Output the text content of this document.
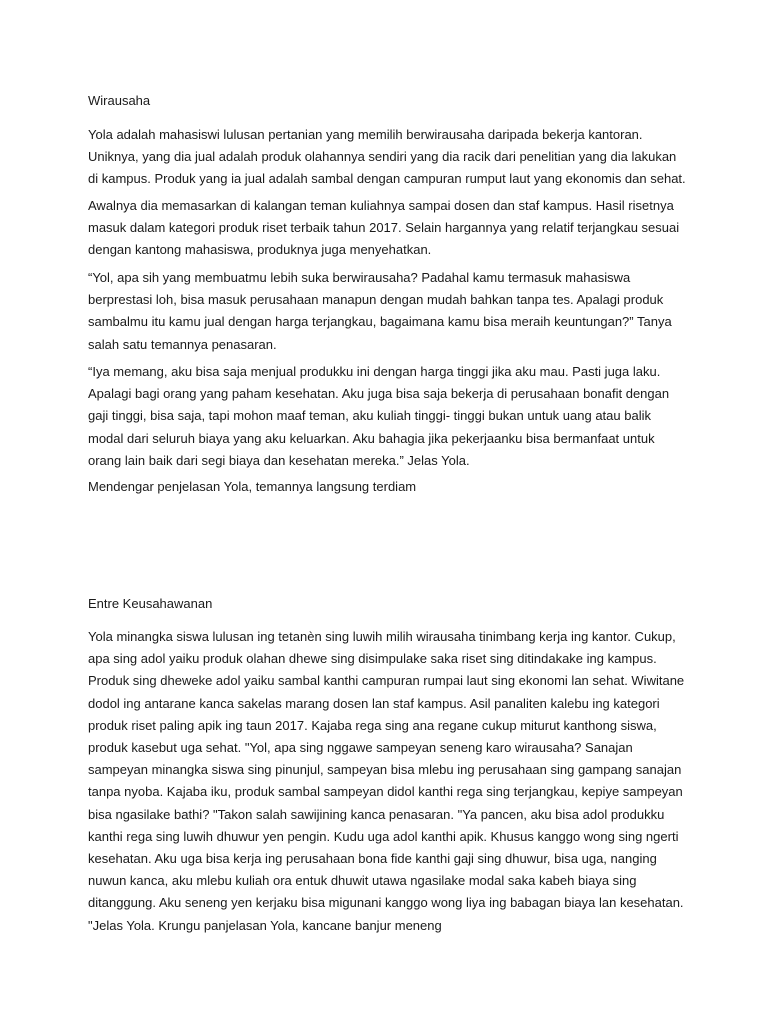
Wirausaha

Yola adalah mahasiswi lulusan pertanian yang memilih berwirausaha daripada bekerja kantoran. Uniknya, yang dia jual adalah produk olahannya sendiri yang dia racik dari penelitian yang dia lakukan di kampus. Produk yang ia jual adalah sambal dengan campuran rumput laut yang ekonomis dan sehat.

Awalnya dia memasarkan di kalangan teman kuliahnya sampai dosen dan staf kampus. Hasil risetnya masuk dalam kategori produk riset terbaik tahun 2017. Selain hargannya yang relatif terjangkau sesuai dengan kantong mahasiswa, produknya juga menyehatkan.

“Yol, apa sih yang membuatmu lebih suka berwirausaha? Padahal kamu termasuk mahasiswa berprestasi loh, bisa masuk perusahaan manapun dengan mudah bahkan tanpa tes. Apalagi produk sambalmu itu kamu jual dengan harga terjangkau, bagaimana kamu bisa meraih keuntungan?” Tanya salah satu temannya penasaran.

“Iya memang, aku bisa saja menjual produkku ini dengan harga tinggi jika aku mau. Pasti juga laku. Apalagi bagi orang yang paham kesehatan. Aku juga bisa saja bekerja di perusahaan bonafit dengan gaji tinggi, bisa saja, tapi mohon maaf teman, aku kuliah tinggi- tinggi bukan untuk uang atau balik modal dari seluruh biaya yang aku keluarkan. Aku bahagia jika pekerjaanku bisa bermanfaat untuk orang lain baik dari segi biaya dan kesehatan mereka.” Jelas Yola.

Mendengar penjelasan Yola, temannya langsung terdiam

Entre Keusahawanan

Yola minangka siswa lulusan ing tetanèn sing luwih milih wirausaha tinimbang kerja ing kantor. Cukup, apa sing adol yaiku produk olahan dhewe sing disimpulake saka riset sing ditindakake ing kampus. Produk sing dheweke adol yaiku sambal kanthi campuran rumpai laut sing ekonomi lan sehat. Wiwitane dodol ing antarane kanca sakelas marang dosen lan staf kampus. Asil panaliten kalebu ing kategori produk riset paling apik ing taun 2017. Kajaba rega sing ana regane cukup miturut kanthong siswa, produk kasebut uga sehat. "Yol, apa sing nggawe sampeyan seneng karo wirausaha? Sanajan sampeyan minangka siswa sing pinunjul, sampeyan bisa mlebu ing perusahaan sing gampang sanajan tanpa nyoba. Kajaba iku, produk sambal sampeyan didol kanthi rega sing terjangkau, kepiye sampeyan bisa ngasilake bathi? "Takon salah sawijining kanca penasaran. "Ya pancen, aku bisa adol produkku kanthi rega sing luwih dhuwur yen pengin. Kudu uga adol kanthi apik. Khusus kanggo wong sing ngerti kesehatan. Aku uga bisa kerja ing perusahaan bona fide kanthi gaji sing dhuwur, bisa uga, nanging nuwun kanca, aku mlebu kuliah ora entuk dhuwit utawa ngasilake modal saka kabeh biaya sing ditanggung. Aku seneng yen kerjaku bisa migunani kanggo wong liya ing babagan biaya lan kesehatan. "Jelas Yola. Krungu panjelasan Yola, kancane banjur meneng
